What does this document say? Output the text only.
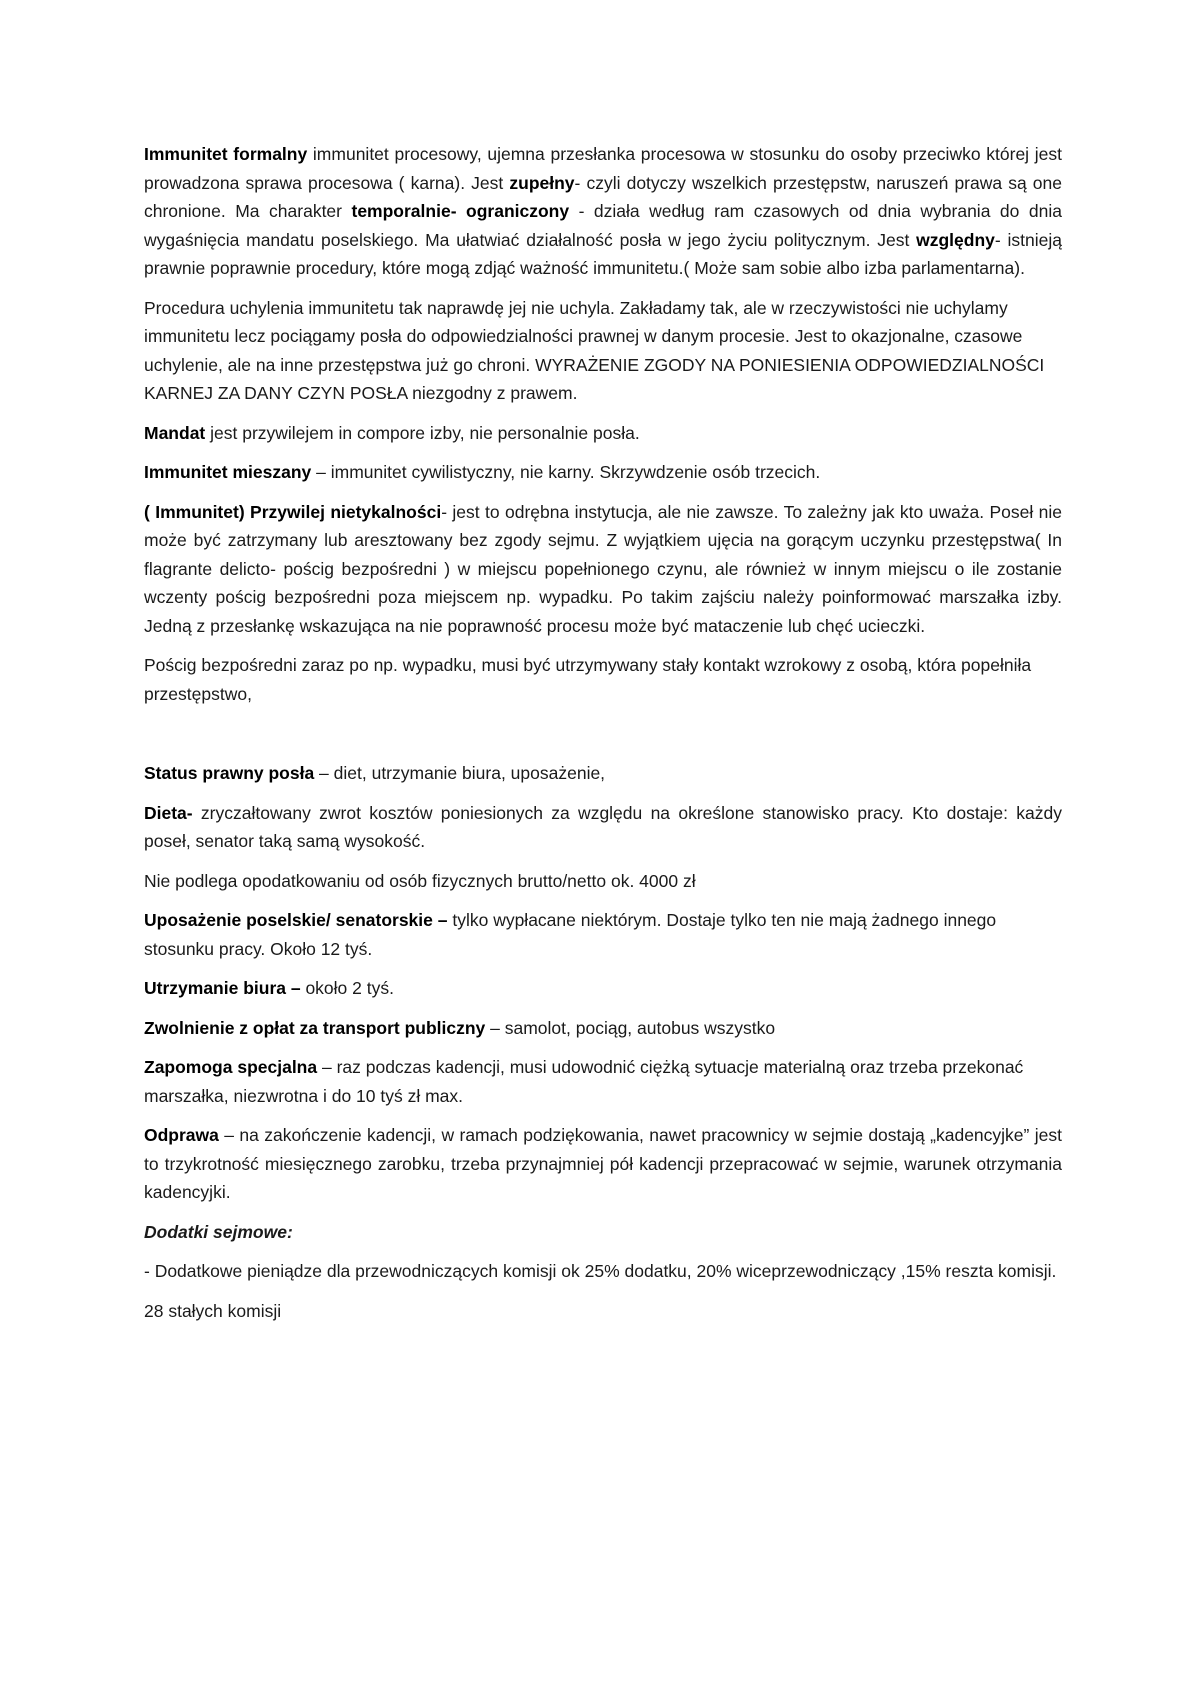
Immunitet formalny immunitet procesowy, ujemna przesłanka procesowa w stosunku do osoby przeciwko której jest prowadzona sprawa procesowa ( karna). Jest zupełny- czyli dotyczy wszelkich przestępstw, naruszeń prawa są one chronione. Ma charakter temporalnie- ograniczony - działa według ram czasowych od dnia wybrania do dnia wygaśnięcia mandatu poselskiego. Ma ułatwiać działalność posła w jego życiu politycznym. Jest względny- istnieją prawnie poprawnie procedury, które mogą zdjąć ważność immunitetu.( Może sam sobie albo izba parlamentarna).

Procedura uchylenia immunitetu tak naprawdę jej nie uchyla. Zakładamy tak, ale w rzeczywistości nie uchylamy immunitetu lecz pociągamy posła do odpowiedzialności prawnej w danym procesie. Jest to okazjonalne, czasowe uchylenie, ale na inne przestępstwa już go chroni. WYRAŻENIE ZGODY NA PONIESIENIA ODPOWIEDZIALNOŚCI KARNEJ ZA DANY CZYN POSŁA niezgodny z prawem.

Mandat jest przywilejem in compore izby, nie personalnie posła.

Immunitet mieszany – immunitet cywilistyczny, nie karny. Skrzywdzenie osób trzecich.

( Immunitet) Przywilej nietykalności- jest to odrębna instytucja, ale nie zawsze. To zależny jak kto uważa. Poseł nie może być zatrzymany lub aresztowany bez zgody sejmu. Z wyjątkiem ujęcia na gorącym uczynku przestępstwa( In flagrante delicto- pościg bezpośredni ) w miejscu popełnionego czynu, ale również w innym miejscu o ile zostanie wczenty pościg bezpośredni poza miejscem np. wypadku. Po takim zajściu należy poinformować marszałka izby. Jedną z przesłankę wskazująca na nie poprawność procesu może być mataczenie lub chęć ucieczki.

Pościg bezpośredni zaraz po np. wypadku, musi być utrzymywany stały kontakt wzrokowy z osobą, która popełniła przestępstwo,

Status prawny posła – diet, utrzymanie biura, uposażenie,

Dieta- zryczałtowany zwrot kosztów poniesionych za względu na określone stanowisko pracy. Kto dostaje: każdy poseł, senator taką samą wysokość.

Nie podlega opodatkowaniu od osób fizycznych brutto/netto ok. 4000 zł

Uposażenie poselskie/ senatorskie – tylko wypłacane niektórym. Dostaje tylko ten nie mają żadnego innego stosunku pracy. Około 12 tyś.

Utrzymanie biura – około 2 tyś.

Zwolnienie z opłat za transport publiczny – samolot, pociąg, autobus wszystko

Zapomoga specjalna – raz podczas kadencji, musi udowodnić ciężką sytuacje materialną oraz trzeba przekonać marszałka, niezwrotna i do 10 tyś zł max.

Odprawa – na zakończenie kadencji, w ramach podziękowania, nawet pracownicy w sejmie dostają „kadencyjke” jest to trzykrotność miesięcznego zarobku, trzeba przynajmniej pół kadencji przepracować w sejmie, warunek otrzymania kadencyjki.

Dodatki sejmowe:

- Dodatkowe pieniądze dla przewodniczących komisji ok 25% dodatku, 20% wiceprzewodniczący ,15% reszta komisji.

28 stałych komisji
